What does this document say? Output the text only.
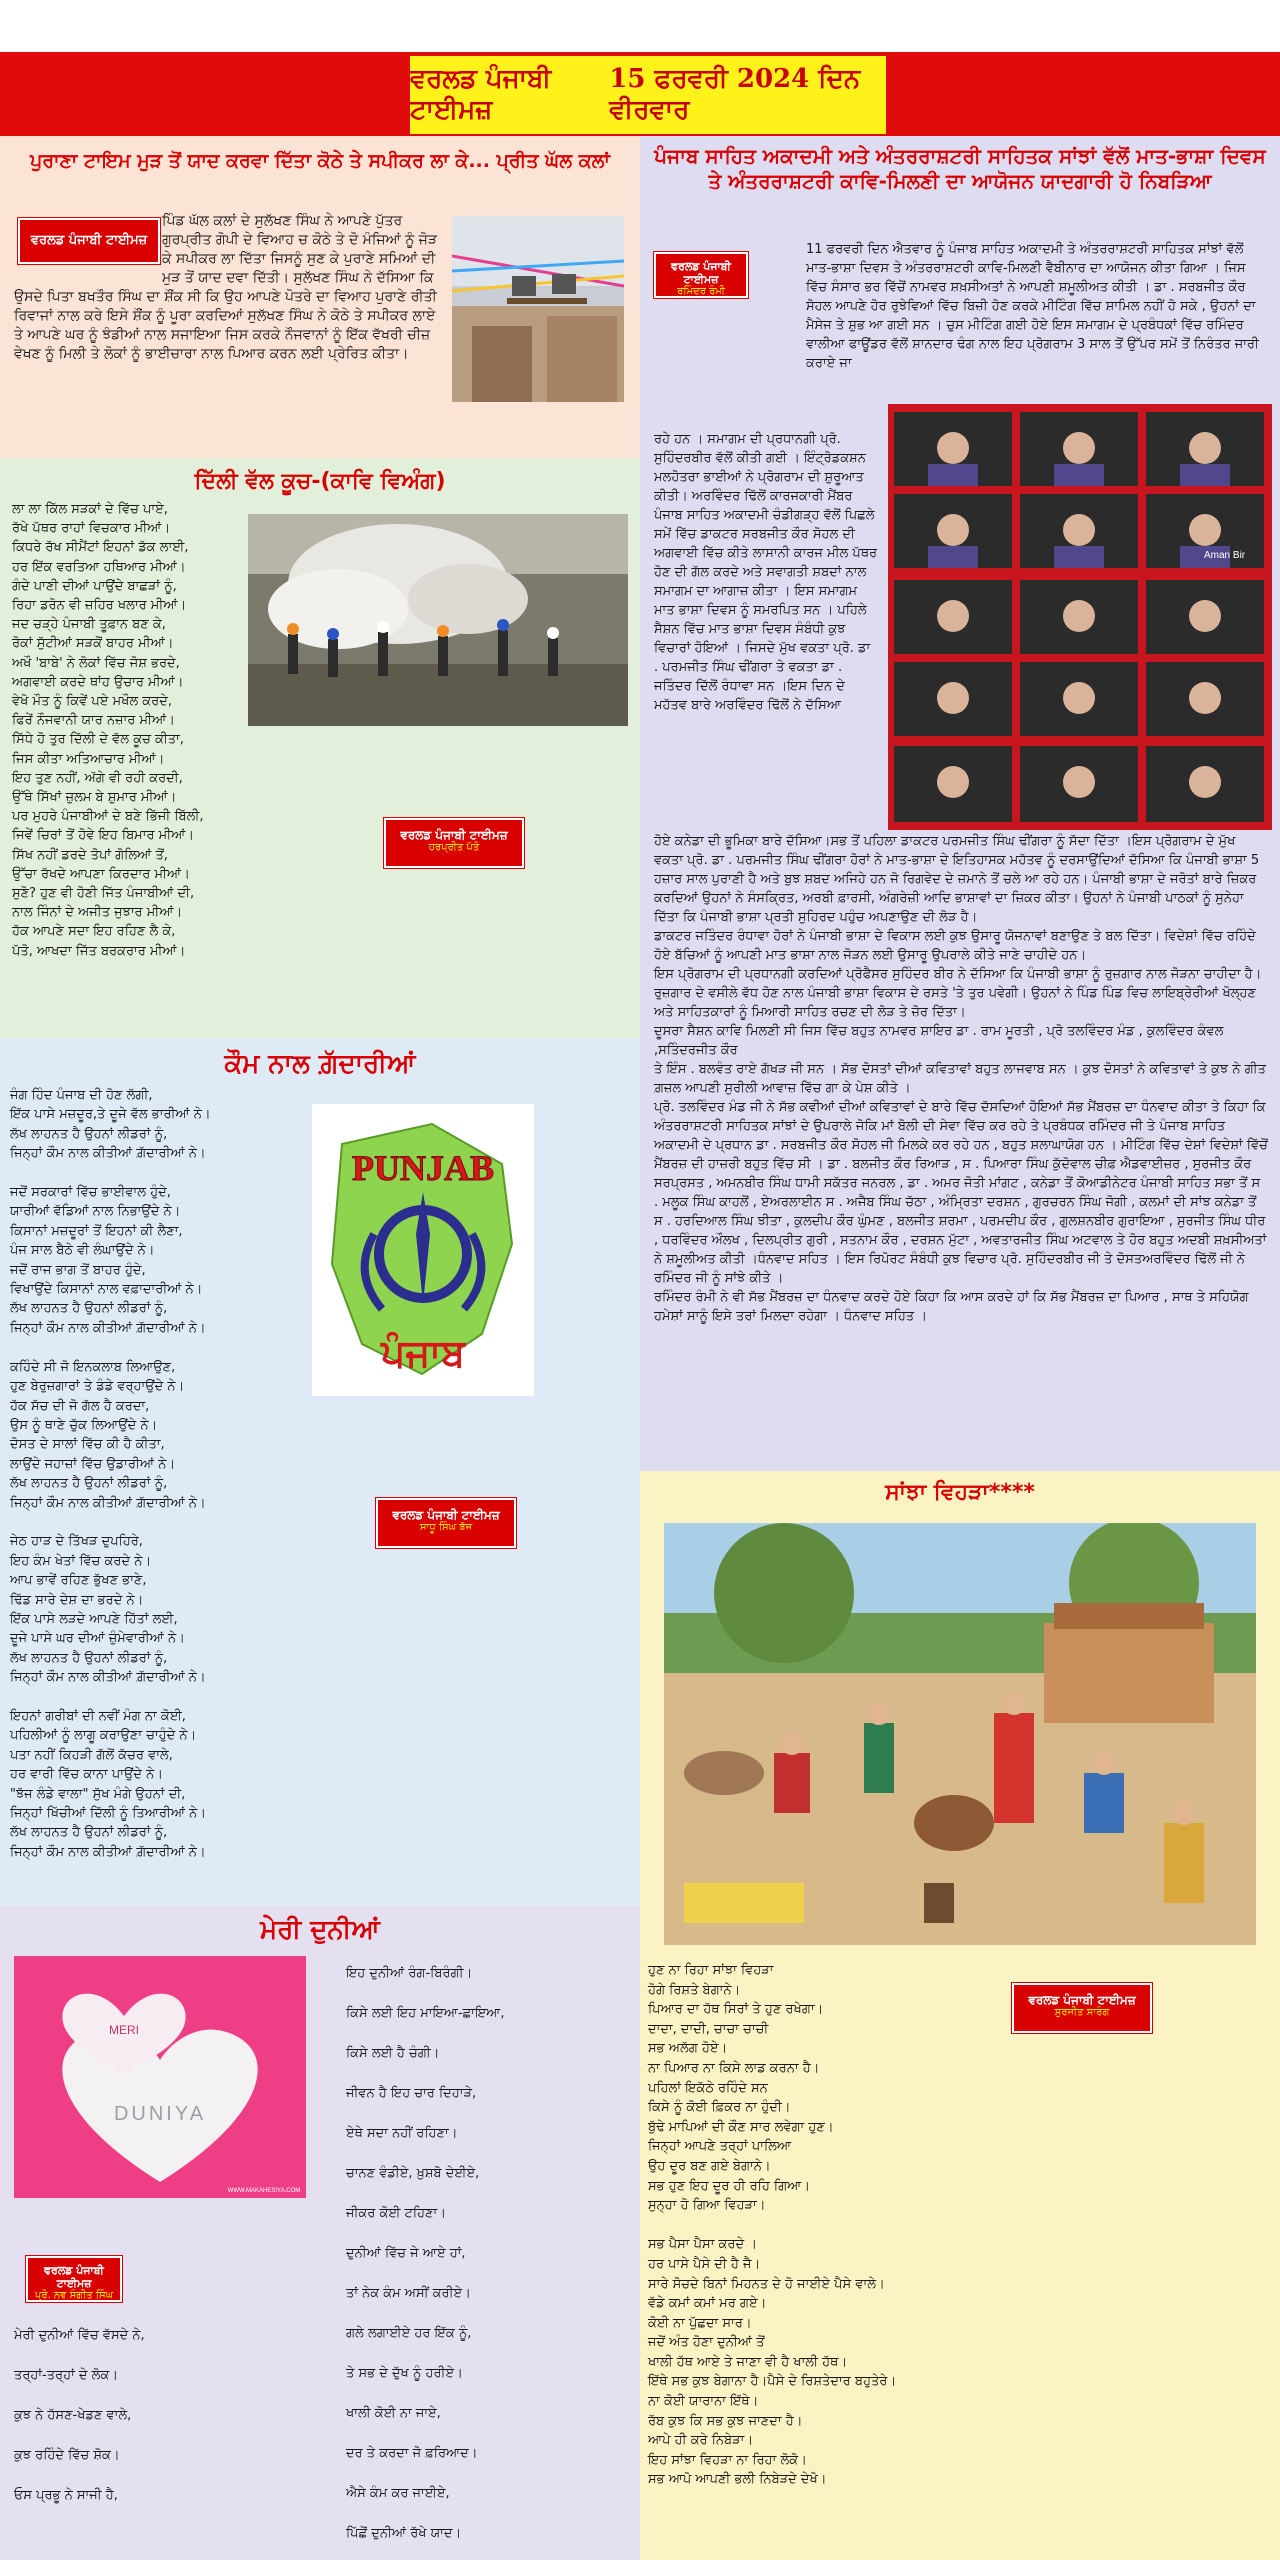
ਵਰਲਡ ਪੰਜਾਬੀ ਟਾਈਮਜ਼
15 ਫਰਵਰੀ 2024 ਦਿਨ ਵੀਰਵਾਰ
ਪੁਰਾਣਾ ਟਾਇਮ ਮੁੜ ਤੋਂ ਯਾਦ ਕਰਵਾ ਦਿੱਤਾ ਕੋਠੇ ਤੇ ਸਪੀਕਰ ਲਾ ਕੇ... ਪ੍ਰੀਤ ਘੱਲ ਕਲਾਂ
ਵਰਲਡ ਪੰਜਾਬੀ ਟਾਈਮਜ਼
ਪਿੰਡ ਘੱਲ ਕਲਾਂ ਦੇ ਸੁਲੱਖਣ ਸਿੰਘ ਨੇ ਆਪਣੇ ਪੁੱਤਰ ਗੁਰਪ੍ਰੀਤ ਗੋਪੀ ਦੇ ਵਿਆਹ ਚ ਕੋਠੇ ਤੇ ਦੋ ਮੰਜਿਆਂ ਨੂੰ ਜੋੜ ਕੇ ਸਪੀਕਰ ਲਾ ਦਿੱਤਾ ਜਿਸਨੂੰ ਸੁਣ ਕੇ ਪੁਰਾਣੇ ਸਮਿਆਂ ਦੀ ਮੁੜ ਤੋਂ ਯਾਦ ਦਵਾ ਦਿੱਤੀ। ਸੁਲੱਖਣ ਸਿੰਘ ਨੇ ਦੱਸਿਆ ਕਿ ਉਸਦੇ ਪਿਤਾ ਬਖਤੌਰ ਸਿੰਘ ਦਾ ਸ਼ੌਂਕ ਸੀ ਕਿ ਉਹ ਆਪਣੇ ਪੋਤਰੇ ਦਾ ਵਿਆਹ ਪੁਰਾਣੇ ਰੀਤੀ ਰਿਵਾਜਾਂ ਨਾਲ ਕਰੇ ਇਸੇ ਸ਼ੌਂਕ ਨੂੰ ਪੂਰਾ ਕਰਦਿਆਂ ਸੁਲੱਖਣ ਸਿੰਘ ਨੇ ਕੋਠੇ ਤੇ ਸਪੀਕਰ ਲਾਏ ਤੇ ਆਪਣੇ ਘਰ ਨੂੰ ਝੰਡੀਆਂ ਨਾਲ ਸਜਾਇਆ ਜਿਸ ਕਰਕੇ ਨੌਜਵਾਨਾਂ ਨੂੰ ਇੱਕ ਵੱਖਰੀ ਚੀਜ਼ ਵੇਖਣ ਨੂੰ ਮਿਲੀ ਤੇ ਲੋਕਾਂ ਨੂੰ ਭਾਈਚਾਰਾ ਨਾਲ ਪਿਆਰ ਕਰਨ ਲਈ ਪ੍ਰੇਰਿਤ ਕੀਤਾ।
ਪੰਜਾਬ ਸਾਹਿਤ ਅਕਾਦਮੀ ਅਤੇ ਅੰਤਰਰਾਸ਼ਟਰੀ ਸਾਹਿਤਕ ਸਾਂਝਾਂ ਵੱਲੋਂ ਮਾਤ-ਭਾਸ਼ਾ ਦਿਵਸ ਤੇ ਅੰਤਰਰਾਸ਼ਟਰੀ ਕਾਵਿ-ਮਿਲਣੀ ਦਾ ਆਯੋਜਨ ਯਾਦਗਾਰੀ ਹੋ ਨਿਬੜਿਆ
ਵਰਲਡ ਪੰਜਾਬੀ ਟਾਈਮਜ਼
ਰਮਿੰਦਰ ਰੰਮੀ
11 ਫਰਵਰੀ ਦਿਨ ਐਤਵਾਰ ਨੂੰ ਪੰਜਾਬ ਸਾਹਿਤ ਅਕਾਦਮੀ ਤੇ ਅੰਤਰਰਾਸ਼ਟਰੀ ਸਾਹਿਤਕ ਸਾਂਝਾਂ ਵੱਲੋਂ ਮਾਤ-ਭਾਸ਼ਾ ਦਿਵਸ ਤੇ ਅੰਤਰਰਾਸ਼ਟਰੀ ਕਾਵਿ-ਮਿਲਣੀ ਵੈਬੀਨਾਰ ਦਾ ਆਯੋਜਨ ਕੀਤਾ ਗਿਆ । ਜਿਸ ਵਿੱਚ ਸੰਸਾਰ ਭਰ ਵਿੱਚੋਂ ਨਾਮਵਰ ਸ਼ਖ਼ਸੀਅਤਾਂ ਨੇ ਆਪਣੀ ਸ਼ਮੂਲੀਅਤ ਕੀਤੀ । ਡਾ . ਸਰਬਜੀਤ ਕੌਰ ਸੋਹਲ ਆਪਣੇ ਹੋਰ ਰੁਝੇਵਿਆਂ ਵਿੱਚ ਬਿਜ਼ੀ ਹੋਣ ਕਰਕੇ ਮੀਟਿੰਗ ਵਿੱਚ ਸ਼ਾਮਿਲ ਨਹੀਂ ਹੋ ਸਕੇ , ਉਹਨਾਂ ਦਾ ਮੈਸੇਜ ਤੇ ਸ਼ੁਭ ਆ ਗਈ ਸਨ । ਚੁਸ ਮੀਟਿੰਗ ਗਈ ਹੋਏ ਇਸ ਸਮਾਗਮ ਦੇ ਪ੍ਰਬੰਧਕਾਂ ਵਿੱਚ ਰਮਿੰਦਰ ਵਾਲੀਆ ਫਾਊਂਡਰ ਵੱਲੋਂ ਸ਼ਾਨਦਾਰ ਢੰਗ ਨਾਲ ਇਹ ਪ੍ਰੋਗਰਾਮ 3 ਸਾਲ ਤੋਂ ਉੱਪਰ ਸਮੇਂ ਤੋਂ ਨਿਰੰਤਰ ਜਾਰੀ ਕਰਾਏ ਜਾ
ਰਹੇ ਹਨ । ਸਮਾਗਮ ਦੀ ਪ੍ਰਧਾਨਗੀ ਪ੍ਰੋ. ਸੁਹਿੰਦਰਬੀਰ ਵੱਲੋਂ ਕੀਤੀ ਗਈ । ਇੰਟ੍ਰੋਡਕਸ਼ਨ ਮਲਹੋਤਰਾ ਭਾਈਆਂ ਨੇ ਪ੍ਰੋਗਰਾਮ ਦੀ ਸ਼ੁਰੂਆਤ ਕੀਤੀ। ਅਰਵਿੰਦਰ ਢਿੱਲੋਂ ਕਾਰਜਕਾਰੀ ਮੈਂਬਰ ਪੰਜਾਬ ਸਾਹਿਤ ਅਕਾਦਮੀ ਚੰਡੀਗੜ੍ਹ ਵੱਲੋਂ ਪਿਛਲੇ ਸਮੇਂ ਵਿੱਚ ਡਾਕਟਰ ਸਰਬਜੀਤ ਕੌਰ ਸੋਹਲ ਦੀ ਅਗਵਾਈ ਵਿੱਚ ਕੀਤੇ ਲਾਸਾਨੀ ਕਾਰਜ ਮੀਲ ਪੱਥਰ ਹੋਣ ਦੀ ਗੱਲ ਕਰਦੇ ਅਤੇ ਸਵਾਗਤੀ ਸ਼ਬਦਾਂ ਨਾਲ ਸਮਾਗਮ ਦਾ ਆਗਾਜ਼ ਕੀਤਾ । ਇਸ ਸਮਾਗਮ ਮਾਤ ਭਾਸ਼ਾ ਦਿਵਸ ਨੂੰ ਸਮਰਪਿਤ ਸਨ । ਪਹਿਲੇ ਸੈਸ਼ਨ ਵਿੱਚ ਮਾਤ ਭਾਸ਼ਾ ਦਿਵਸ ਸੰਬੰਧੀ ਕੁਝ ਵਿਚਾਰਾਂ ਹੋਇਆਂ । ਜਿਸਦੇ ਮੁੱਖ ਵਕਤਾ ਪ੍ਰੋ. ਡਾ . ਪਰਮਜੀਤ ਸਿੰਘ ਢੀਂਗਰਾ ਤੇ ਵਕਤਾ ਡਾ . ਜਤਿੰਦਰ ਦਿੱਲੋਂ ਰੰਧਾਵਾ ਸਨ ।ਇਸ ਦਿਨ ਦੇ ਮਹੱਤਵ ਬਾਰੇ ਅਰਵਿੰਦਰ ਢਿੱਲੋਂ ਨੇ ਦੱਸਿਆ
Aman Bir
ਹੋਏ ਕਨੇਡਾ ਦੀ ਭੂਮਿਕਾ ਬਾਰੇ ਦੱਸਿਆ।ਸਭ ਤੋਂ ਪਹਿਲਾ ਡਾਕਟਰ ਪਰਮਜੀਤ ਸਿੰਘ ਢੀਂਗਰਾ ਨੂੰ ਸੱਦਾ ਦਿੱਤਾ ।ਇਸ ਪ੍ਰੋਗਰਾਮ ਦੇ ਮੁੱਖ ਵਕਤਾ ਪ੍ਰੋ. ਡਾ . ਪਰਮਜੀਤ ਸਿੰਘ ਢੀਂਗਰਾ ਹੋਰਾਂ ਨੇ ਮਾਤ-ਭਾਸ਼ਾ ਦੇ ਇਤਿਹਾਸਕ ਮਹੱਤਵ ਨੂੰ ਦਰਸਾਉਂਦਿਆਂ ਦੱਸਿਆ ਕਿ ਪੰਜਾਬੀ ਭਾਸ਼ਾ 5 ਹਜ਼ਾਰ ਸਾਲ ਪੁਰਾਣੀ ਹੈ ਅਤੇ ਬੁਝ ਸ਼ਬਦ ਅਜਿਹੇ ਹਨ ਜੋ ਰਿਗਵੇਦ ਦੇ ਜ਼ਮਾਨੇ ਤੋਂ ਚਲੇ ਆ ਰਹੇ ਹਨ। ਪੰਜਾਬੀ ਭਾਸ਼ਾ ਦੇ ਜਰੋਤਾਂ ਬਾਰੇ ਜ਼ਿਕਰ ਕਰਦਿਆਂ ਉਹਨਾਂ ਨੇ ਸੰਸਕ੍ਰਿਤ, ਅਰਬੀ ਫ਼ਾਰਸੀ, ਅੰਗਰੇਜ਼ੀ ਆਦਿ ਭਾਸ਼ਾਵਾਂ ਦਾ ਜ਼ਿਕਰ ਕੀਤਾ। ਉਹਨਾਂ ਨੇ ਪੰਜਾਬੀ ਪਾਠਕਾਂ ਨੂੰ ਸੁਨੇਹਾ ਦਿੱਤਾ ਕਿ ਪੰਜਾਬੀ ਭਾਸ਼ਾ ਪ੍ਰਤੀ ਸੁਹਿਰਦ ਪਹੁੰਚ ਅਪਣਾਉਣ ਦੀ ਲੋੜ ਹੈ।
ਡਾਕਟਰ ਜਤਿੰਦਰ ਰੰਧਾਵਾ ਹੋਰਾਂ ਨੇ ਪੰਜਾਬੀ ਭਾਸ਼ਾ ਦੇ ਵਿਕਾਸ ਲਈ ਕੁਝ ਉਸਾਰੂ ਯੋਜਨਾਵਾਂ ਬਣਾਉਣ ਤੇ ਬਲ ਦਿੱਤਾ। ਵਿਦੇਸ਼ਾਂ ਵਿੱਚ ਰਹਿੰਦੇ ਹੋਏ ਬੱਚਿਆਂ ਨੂੰ ਆਪਣੀ ਮਾਤ ਭਾਸ਼ਾ ਨਾਲ ਜੋੜਨ ਲਈ ਉਸਾਰੂ ਉਪਰਾਲੇ ਕੀਤੇ ਜਾਣੇ ਚਾਹੀਦੇ ਹਨ।
ਇਸ ਪ੍ਰੋਗਰਾਮ ਦੀ ਪ੍ਰਧਾਨਗੀ ਕਰਦਿਆਂ ਪ੍ਰੋਫੈਸਰ ਸੁਹਿੰਦਰ ਬੀਰ ਨੇ ਦੱਸਿਆ ਕਿ ਪੰਜਾਬੀ ਭਾਸ਼ਾ ਨੂੰ ਰੁਜ਼ਗਾਰ ਨਾਲ ਜੋੜਨਾ ਚਾਹੀਦਾ ਹੈ। ਰੁਜ਼ਗਾਰ ਦੇ ਵਸੀਲੇ ਵੱਧ ਹੋਣ ਨਾਲ ਪੰਜਾਬੀ ਭਾਸ਼ਾ ਵਿਕਾਸ ਦੇ ਰਸਤੇ 'ਤੇ ਤੁਰ ਪਵੇਗੀ। ਉਹਨਾਂ ਨੇ ਪਿੰਡ ਪਿੰਡ ਵਿਚ ਲਾਇਬ੍ਰੇਰੀਆਂ ਖੋਲ੍ਹਣ ਅਤੇ ਸਾਹਿਤਕਾਰਾਂ ਨੂੰ ਮਿਆਰੀ ਸਾਹਿਤ ਰਚਣ ਦੀ ਲੋੜ ਤੇ ਜ਼ੋਰ ਦਿੱਤਾ।
ਦੂਸਰਾ ਸੈਸ਼ਨ ਕਾਵਿ ਮਿਲਣੀ ਸੀ ਜਿਸ ਵਿੱਚ ਬਹੁਤ ਨਾਮਵਰ ਸ਼ਾਇਰ ਡਾ . ਰਾਮ ਮੂਰਤੀ , ਪ੍ਰੋ ਤਲਵਿੰਦਰ ਮੰਡ , ਕੁਲਵਿੰਦਰ ਕੰਵਲ ,ਸਤਿੰਦਰਜੀਤ ਕੌਰ
ਤੇ ਇੰਸ . ਬਲਵੰਤ ਰਾਏ ਗੱਖੜ ਜੀ ਸਨ । ਸੱਭ ਦੋਸਤਾਂ ਦੀਆਂ ਕਵਿਤਾਵਾਂ ਬਹੁਤ ਲਾਜਵਾਬ ਸਨ । ਕੁਝ ਦੋਸਤਾਂ ਨੇ ਕਵਿਤਾਵਾਂ ਤੇ ਕੁਝ ਨੇ ਗੀਤ ਗ਼ਜ਼ਲ ਆਪਣੀ ਸੁਰੀਲੀ ਆਵਾਜ਼ ਵਿੱਚ ਗਾ ਕੇ ਪੇਸ਼ ਕੀਤੇ ।
ਪ੍ਰੋ. ਤਲਵਿੰਦਰ ਮੰਡ ਜੀ ਨੇ ਸੱਭ ਕਵੀਆਂ ਦੀਆਂ ਕਵਿਤਾਵਾਂ ਦੇ ਬਾਰੇ ਵਿੱਚ ਦੱਸਦਿਆਂ ਹੋਇਆਂ ਸੱਭ ਮੈਂਬਰਜ਼ ਦਾ ਧੰਨਵਾਦ ਕੀਤਾ ਤੇ ਕਿਹਾ ਕਿ ਅੰਤਰਰਾਸ਼ਟਰੀ ਸਾਹਿਤਕ ਸਾਂਝਾਂ ਦੇ ਉਪਰਾਲੇ ਜੋਕਿ ਮਾਂ ਬੋਲੀ ਦੀ ਸੇਵਾ ਵਿੱਚ ਕਰ ਰਹੇ ਤੇ ਪ੍ਰਬੰਧਕ ਰਮਿੰਦਰ ਜੀ ਤੇ ਪੰਜਾਬ ਸਾਹਿਤ ਅਕਾਦਮੀ ਦੇ ਪ੍ਰਧਾਨ ਡਾ . ਸਰਬਜੀਤ ਕੌਰ ਸੋਹਲ ਜੀ ਮਿਲਕੇ ਕਰ ਰਹੇ ਹਨ , ਬਹੁਤ ਸ਼ਲਾਘਾਯੋਗ ਹਨ । ਮੀਟਿੰਗ ਵਿੱਚ ਦੇਸ਼ਾਂ ਵਿਦੇਸ਼ਾਂ ਵਿੱਚੋਂ ਮੈਂਬਰਜ਼ ਦੀ ਹਾਜ਼ਰੀ ਬਹੁਤ ਵਿੱਚ ਸੀ । ਡਾ . ਬਲਜੀਤ ਕੌਰ ਰਿਆੜ , ਸ . ਪਿਆਰਾ ਸਿੰਘ ਕੁੱਦੋਵਾਲ ਚੀਫ਼ ਐਡਵਾਈਜ਼ਰ , ਸੁਰਜੀਤ ਕੌਰ ਸਰਪ੍ਰਸਤ , ਅਮਨਬੀਰ ਸਿੰਘ ਧਾਮੀ ਸਕੱਤਰ ਜਨਰਲ , ਡਾ . ਅਮਰ ਜੋਤੀ ਮਾਂਗਟ , ਕਨੇਡਾ ਤੋਂ ਕੋਆਡੀਨੇਟਰ ਪੰਜਾਬੀ ਸਾਹਿਤ ਸਭਾ ਤੋਂ ਸ . ਮਲੂਕ ਸਿੰਘ ਕਾਹਲੋਂ , ਏਅਰਲਾਈਨ ਸ . ਅਜੈਬ ਸਿੰਘ ਚੱਠਾ , ਅੰਮ੍ਰਿਤਾ ਦਰਸ਼ਨ , ਗੁਰਚਰਨ ਸਿੰਘ ਜੋਗੀ , ਕਲਮਾਂ ਦੀ ਸਾਂਝ ਕਨੇਡਾ ਤੋਂ ਸ . ਹਰਦਿਆਲ ਸਿੰਘ ਝੀਤਾ , ਕੁਲਦੀਪ ਕੌਰ ਘੁੰਮਣ , ਬਲਜੀਤ ਸ਼ਰਮਾ , ਪਰਮਦੀਪ ਕੌਰ , ਗੁਲਸ਼ਨਬੀਰ ਗੁਰਾਇਆ , ਸੁਰਜੀਤ ਸਿੰਘ ਧੀਰ , ਧਰਵਿੰਦਰ ਔਲਖ , ਦਿਲਪ੍ਰੀਤ ਗੁਰੀ , ਸਤਨਾਮ ਕੌਰ , ਦਰਸ਼ਨ ਮੁੱਟਾ , ਅਵਤਾਰਜੀਤ ਸਿੰਘ ਅਟਵਾਲ ਤੇ ਹੋਰ ਬਹੁਤ ਅਦਬੀ ਸ਼ਖ਼ਸੀਅਤਾਂ ਨੇ ਸ਼ਮੂਲੀਅਤ ਕੀਤੀ ।ਧੰਨਵਾਦ ਸਹਿਤ । ਇਸ ਰਿਪੋਰਟ ਸੰਬੰਧੀ ਕੁਝ ਵਿਚਾਰ ਪ੍ਰੋ. ਸੁਹਿੰਦਰਬੀਰ ਜੀ ਤੇ ਦੋਸਤਅਰਵਿੰਦਰ ਢਿੱਲੋਂ ਜੀ ਨੇ ਰਮਿੰਦਰ ਜੀ ਨੂੰ ਸਾਂਝੇ ਕੀਤੇ ।
ਰਮਿੰਦਰ ਰੰਮੀ ਨੇ ਵੀ ਸੱਭ ਮੈਂਬਰਜ਼ ਦਾ ਧੰਨਵਾਦ ਕਰਦੇ ਹੋਏ ਕਿਹਾ ਕਿ ਆਸ ਕਰਦੇ ਹਾਂ ਕਿ ਸੱਭ ਮੈਂਬਰਜ਼ ਦਾ ਪਿਆਰ , ਸਾਥ ਤੇ ਸਹਿਯੋਗ ਹਮੇਸ਼ਾਂ ਸਾਨੂੰ ਇਸੇ ਤਰਾਂ ਮਿਲਦਾ ਰਹੇਗਾ । ਧੰਨਵਾਦ ਸਹਿਤ ।
ਦਿੱਲੀ ਵੱਲ ਕੂਚ-(ਕਾਵਿ ਵਿਅੰਗ)
ਲਾ ਲਾ ਕਿੱਲ ਸੜਕਾਂ ਦੇ ਵਿੱਚ ਪਾਏ,
ਰੱਖੇ ਪੱਥਰ ਰਾਹਾਂ ਵਿਚਕਾਰ ਮੀਆਂ।
ਕਿਧਰੇ ਰੱਖ ਸੀਮੈਂਟਾਂ ਇਹਨਾਂ ਡੱਕ ਲਾਈ,
ਹਰ ਇੱਕ ਵਰਤਿਆ ਹਥਿਆਰ ਮੀਆਂ।
ਗੰਦੇ ਪਾਣੀ ਦੀਆਂ ਪਾਉਂਦੇ ਬਾਛੜਾਂ ਨੂੰ,
ਰਿਹਾ ਡਰੋਨ ਵੀ ਜ਼ਹਿਰ ਖਲਾਰ ਮੀਆਂ।
ਜਦ ਚੜ੍ਹੇ ਪੰਜਾਬੀ ਤੂਫ਼ਾਨ ਬਣ ਕੇ,
ਰੋਕਾਂ ਸੁੱਟੀਆਂ ਸੜਕੋਂ ਬਾਹਰ ਮੀਆਂ।
ਅਖੌ 'ਬਾਬੇ' ਨੇ ਲੋਕਾਂ ਵਿੱਚ ਜੋਸ਼ ਭਰਦੇ,
ਅਗਵਾਈ ਕਰਦੇ ਥਾਂਹ ਉਚਾਰ ਮੀਆਂ।
ਵੇਖੋ ਮੌਤ ਨੂੰ ਕਿਵੇਂ ਪਏ ਮਖੌਲ ਕਰਦੇ,
ਫਿਰੇਂ ਨੌਜਵਾਨੀ ਯਾਰ ਨਜ਼ਾਰ ਮੀਆਂ।
ਸਿੱਧੇ ਹੋ ਤੁਰ ਦਿੱਲੀ ਦੇ ਵੱਲ ਕੂਚ ਕੀਤਾ,
ਜਿਸ ਕੀਤਾ ਅਤਿਆਚਾਰ ਮੀਆਂ।
ਇਹ ਤੁਣ ਨਹੀਂ, ਅੱਗੇ ਵੀ ਰਹੀ ਕਰਦੀ,
ਉੱਥੇ ਸਿੱਖਾਂ ਜ਼ੁਲਮ ਬੇ ਸ਼ੁਮਾਰ ਮੀਆਂ।
ਪਰ ਮੁਹਰੇ ਪੰਜਾਬੀਆਂ ਦੇ ਬਣੇ ਭਿੱਜੀ ਬਿੱਲੀ,
ਜਿਵੇਂ ਚਿਰਾਂ ਤੋਂ ਹੋਵੇ ਇਹ ਬਿਮਾਰ ਮੀਆਂ।
ਸਿੱਖ ਨਹੀਂ ਡਰਦੇ ਤੋਪਾਂ ਗੋਲਿਆਂ ਤੋਂ,
ਉੱਚਾ ਰੱਖਦੇ ਆਪਣਾ ਕਿਰਦਾਰ ਮੀਆਂ।
ਸੁਣੋ? ਹੁਣ ਵੀ ਹੋਣੀ ਜਿੱਤ ਪੰਜਾਬੀਆਂ ਦੀ,
ਨਾਲ ਜਿੰਨਾਂ ਦੇ ਅਜੀਤ ਜੁਝਾਰ ਮੀਆਂ।
ਹੱਕ ਆਪਣੇ ਸਦਾ ਇਹ ਰਹਿਣ ਲੈ ਕੇ,
ਪੱਤੋ, ਆਖਦਾ ਜਿੱਤ ਬਰਕਰਾਰ ਮੀਆਂ।
ਵਰਲਡ ਪੰਜਾਬੀ ਟਾਈਮਜ਼
ਹਰਪ੍ਰੀਤ ਪੱਤੋ
ਕੌਮ ਨਾਲ ਗ਼ੱਦਾਰੀਆਂ
ਜੰਗ ਹਿੰਦ ਪੰਜਾਬ ਦੀ ਹੋਣ ਲੱਗੀ,
ਇੱਕ ਪਾਸੇ ਮਜ਼ਦੂਰ,ਤੇ ਦੂਜੇ ਵੱਲ ਭਾਰੀਆਂ ਨੇ।
ਲੱਖ ਲਾਹਨਤ ਹੈ ਉਹਨਾਂ ਲੀਡਰਾਂ ਨੂੰ,
ਜਿਨ੍ਹਾਂ ਕੌਮ ਨਾਲ ਕੀਤੀਆਂ ਗ਼ੱਦਾਰੀਆਂ ਨੇ।

ਜਦੋਂ ਸਰਕਾਰਾਂ ਵਿੱਚ ਭਾਈਵਾਲ ਹੁੰਦੇ,
ਯਾਰੀਆਂ ਵੱਡਿਆਂ ਨਾਲ ਨਿਭਾਉਂਦੇ ਨੇ।
ਕਿਸਾਨਾਂ ਮਜ਼ਦੂਰਾਂ ਤੋਂ ਇਹਨਾਂ ਕੀ ਲੈਣਾ,
ਪੰਜ ਸਾਲ ਬੈਠੇ ਵੀ ਲੰਘਾਉਂਦੇ ਨੇ।
ਜਦੋਂ ਰਾਜ ਭਾਗ ਤੋਂ ਬਾਹਰ ਹੁੰਦੇ,
ਵਿਖਾਉਂਦੇ ਕਿਸਾਨਾਂ ਨਾਲ ਵਫ਼ਾਦਾਰੀਆਂ ਨੇ।
ਲੱਖ ਲਾਹਨਤ ਹੈ ਉਹਨਾਂ ਲੀਡਰਾਂ ਨੂੰ,
ਜਿਨ੍ਹਾਂ ਕੌਮ ਨਾਲ ਕੀਤੀਆਂ ਗ਼ੱਦਾਰੀਆਂ ਨੇ।

ਕਹਿੰਦੇ ਸੀ ਜੋ ਇਨਕਲਾਬ ਲਿਆਉਣ,
ਹੁਣ ਬੇਰੁਜ਼ਗਾਰਾਂ ਤੇ ਡੰਡੇ ਵਰ੍ਹਾਉਂਦੇ ਨੇ।
ਹੱਕ ਸੱਚ ਦੀ ਜੋ ਗੱਲ ਹੈ ਕਰਦਾ,
ਉਸ ਨੂੰ ਥਾਣੇ ਚੁੱਕ ਲਿਆਉਂਦੇ ਨੇ।
ਦੋਸਤ ਦੇ ਸਾਲਾਂ ਵਿੱਚ ਕੀ ਹੈ ਕੀਤਾ,
ਲਾਉਂਦੇ ਜਹਾਜ਼ਾਂ ਵਿੱਚ ਉਡਾਰੀਆਂ ਨੇ।
ਲੱਖ ਲਾਹਨਤ ਹੈ ਉਹਨਾਂ ਲੀਡਰਾਂ ਨੂੰ,
ਜਿਨ੍ਹਾਂ ਕੌਮ ਨਾਲ ਕੀਤੀਆਂ ਗ਼ੱਦਾਰੀਆਂ ਨੇ।

ਜੇਠ ਹਾੜ ਦੇ ਤਿੱਖੜ ਦੁਪਹਿਰੇ,
ਇਹ ਕੰਮ ਖੇਤਾਂ ਵਿੱਚ ਕਰਦੇ ਨੇ।
ਆਪ ਭਾਵੇਂ ਰਹਿਣ ਭੁੱਖਣ ਭਾਣੇ,
ਢਿੱਡ ਸਾਰੇ ਦੇਸ਼ ਦਾ ਭਰਦੇ ਨੇ।
ਇੱਕ ਪਾਸੇ ਲੜਦੇ ਆਪਣੇ ਹਿੱਤਾਂ ਲਈ,
ਦੂਜੇ ਪਾਸੇ ਘਰ ਦੀਆਂ ਜ਼ੁੰਮੇਵਾਰੀਆਂ ਨੇ।
ਲੱਖ ਲਾਹਨਤ ਹੈ ਉਹਨਾਂ ਲੀਡਰਾਂ ਨੂੰ,
ਜਿਨ੍ਹਾਂ ਕੌਮ ਨਾਲ ਕੀਤੀਆਂ ਗ਼ੱਦਾਰੀਆਂ ਨੇ।

ਇਹਨਾਂ ਗਰੀਬਾਂ ਦੀ ਨਵੀਂ ਮੰਗ ਨਾ ਕੋਈ,
ਪਹਿਲੀਆਂ ਨੂੰ ਲਾਗੂ ਕਰਾਉਣਾ ਚਾਹੁੰਦੇ ਨੇ।
ਪਤਾ ਨਹੀਂ ਕਿਹੜੀ ਗੱਲੋਂ ਕੱਚਰ ਵਾਲੇ,
ਹਰ ਵਾਰੀ ਵਿੱਚ ਕਾਨਾ ਪਾਉਂਦੇ ਨੇ।
"ਝੱਜ ਲੰਡੇ ਵਾਲਾ" ਸੁੱਖ ਮੰਗੇ ਉਹਨਾਂ ਦੀ,
ਜਿਨ੍ਹਾਂ ਖਿੱਚੀਆਂ ਦਿੱਲੀ ਨੂੰ ਤਿਆਰੀਆਂ ਨੇ।
ਲੱਖ ਲਾਹਨਤ ਹੈ ਉਹਨਾਂ ਲੀਡਰਾਂ ਨੂੰ,
ਜਿਨ੍ਹਾਂ ਕੌਮ ਨਾਲ ਕੀਤੀਆਂ ਗ਼ੱਦਾਰੀਆਂ ਨੇ।
PUNJAB
ਪੰਜਾਬ
ਵਰਲਡ ਪੰਜਾਬੀ ਟਾਈਮਜ਼
ਸਾਧੂ ਸਿੰਘ ਝੱਜ
ਸਾਂਝਾ ਵਿਹੜਾ****
ਵਰਲਡ ਪੰਜਾਬੀ ਟਾਈਮਜ਼
ਸੁਰਜੀਤ ਸਾਰੰਗ
ਹੁਣ ਨਾ ਰਿਹਾ ਸਾਂਝਾ ਵਿਹੜਾ
ਹੋਗੇ ਰਿਸ਼ਤੇ ਬੇਗਾਨੇ।
ਪਿਆਰ ਦਾ ਹੱਥ ਸਿਰਾਂ ਤੇ ਹੁਣ ਰਖੇਗਾ।
ਦਾਦਾ, ਦਾਦੀ, ਚਾਚਾ ਚਾਚੀ
ਸਭ ਅਲੱਗ ਹੋਏ।
ਨਾ ਪਿਆਰ ਨਾ ਕਿਸੇ ਲਾਡ ਕਰਨਾ ਹੈ।
ਪਹਿਲਾਂ ਇਕੱਠੇ ਰਹਿੰਦੇ ਸਨ
ਕਿਸੇ ਨੂੰ ਕੋਈ ਫ਼ਿਕਰ ਨਾ ਹੁੰਦੀ।
ਬੁੱਢੇ ਮਾਪਿਆਂ ਦੀ ਕੌਣ ਸਾਰ ਲਵੇਗਾ ਹੁਣ।
ਜਿਨ੍ਹਾਂ ਆਪਣੇ ਤਰ੍ਹਾਂ ਪਾਲਿਆ
ਉਹ ਦੂਰ ਬਣ ਗਏ ਬੇਗਾਨੇ।
ਸਭ ਹੁਣ ਇਹ ਦੂਰ ਹੀ ਰਹਿ ਗਿਆ।
ਸੁਨ੍ਹਾ ਹੋ ਗਿਆ ਵਿਹੜਾ।

ਸਭ ਪੈਸਾ ਪੈਸਾ ਕਰਦੇ ।
ਹਰ ਪਾਸੇ ਪੈਸੇ ਦੀ ਹੈ ਜੈ।
ਸਾਰੇ ਸੋਚਦੇ ਬਿਨਾਂ ਮਿਹਨਤ ਦੇ ਹੋ ਜਾਈਏ ਪੈਸੇ ਵਾਲੇ।
ਵੱਡੇ ਕਮਾਂ ਕਮਾਂ ਮਰ ਗਏ।
ਕੋਈ ਨਾ ਪੁੱਛਦਾ ਸਾਰ।
ਜਦੋਂ ਅੰਤ ਹੋਣਾ ਦੁਨੀਆਂ ਤੋਂ
ਖਾਲੀ ਹੱਥ ਆਏ ਤੇ ਜਾਣਾ ਵੀ ਹੈ ਖਾਲੀ ਹੱਥ।
ਇੱਥੇ ਸਭ ਕੁਝ ਬੇਗਾਨਾ ਹੈ।ਪੈਸੇ ਦੇ ਰਿਸ਼ਤੇਦਾਰ ਬਹੁਤੇਰੇ।
ਨਾ ਕੋਈ ਯਾਰਾਨਾ ਇੱਥੇ।
ਰੱਬ ਕੁਝ ਕਿ ਸਭ ਕੁਝ ਜਾਣਦਾ ਹੈ।
ਆਪੇ ਹੀ ਕਰੇ ਨਿਬੇੜਾ।
ਇਹ ਸਾਂਝਾ ਵਿਹੜਾ ਨਾ ਰਿਹਾ ਲੋਕੋ।
ਸਭ ਆਪੋ ਆਪਣੀ ਭਲੀ ਨਿਬੇੜਦੇ ਦੇਖੋ।
ਮੇਰੀ ਦੁਨੀਆਂ
MERI
DUNIYA
WWW.MAKAHESIYA.COM
ਵਰਲਡ ਪੰਜਾਬੀ ਟਾਈਮਜ਼
ਪ੍ਰੋ. ਨਵ ਸੰਗੀਤ ਸਿੰਘ
ਮੇਰੀ ਦੁਨੀਆਂ ਵਿੱਚ ਵੱਸਦੇ ਨੇ,
ਤਰ੍ਹਾਂ-ਤਰ੍ਹਾਂ ਦੇ ਲੋਕ।
ਕੁਝ ਨੇ ਹੱਸਣ-ਖੇਡਣ ਵਾਲੇ,
ਕੁਝ ਰਹਿੰਦੇ ਵਿੱਚ ਸ਼ੋਕ।
ਓਸ ਪ੍ਰਭੂ ਨੇ ਸਾਜੀ ਹੈ,
ਇਹ ਦੁਨੀਆਂ ਰੰਗ-ਬਿਰੰਗੀ।
ਕਿਸੇ ਲਈ ਇਹ ਮਾਇਆ-ਛਾਇਆ,
ਕਿਸੇ ਲਈ ਹੈ ਚੰਗੀ।
ਜੀਵਨ ਹੈ ਇਹ ਚਾਰ ਦਿਹਾੜੇ,
ਏਥੇ ਸਦਾ ਨਹੀਂ ਰਹਿਣਾ।
ਚਾਨਣ ਵੰਡੀਏ, ਖ਼ੁਸ਼ਬੋ ਦੇਈਏ,
ਜੀਕਰ ਕੋਈ ਟਹਿਣਾ।
ਦੁਨੀਆਂ ਵਿੱਚ ਜੇ ਆਏ ਹਾਂ,
ਤਾਂ ਨੇਕ ਕੰਮ ਅਸੀਂ ਕਰੀਏ।
ਗਲੇ ਲਗਾਈਏ ਹਰ ਇੱਕ ਨੂੰ,
ਤੇ ਸਭ ਦੇ ਦੁੱਖ ਨੂੰ ਹਰੀਏ।
ਖਾਲੀ ਕੋਈ ਨਾ ਜਾਏ,
ਦਰ ਤੇ ਕਰਦਾ ਜੋ ਫ਼ਰਿਆਦ।
ਐਸੇ ਕੰਮ ਕਰ ਜਾਈਏ,
ਪਿੱਛੋਂ ਦੁਨੀਆਂ ਰੱਖੇ ਯਾਦ।
